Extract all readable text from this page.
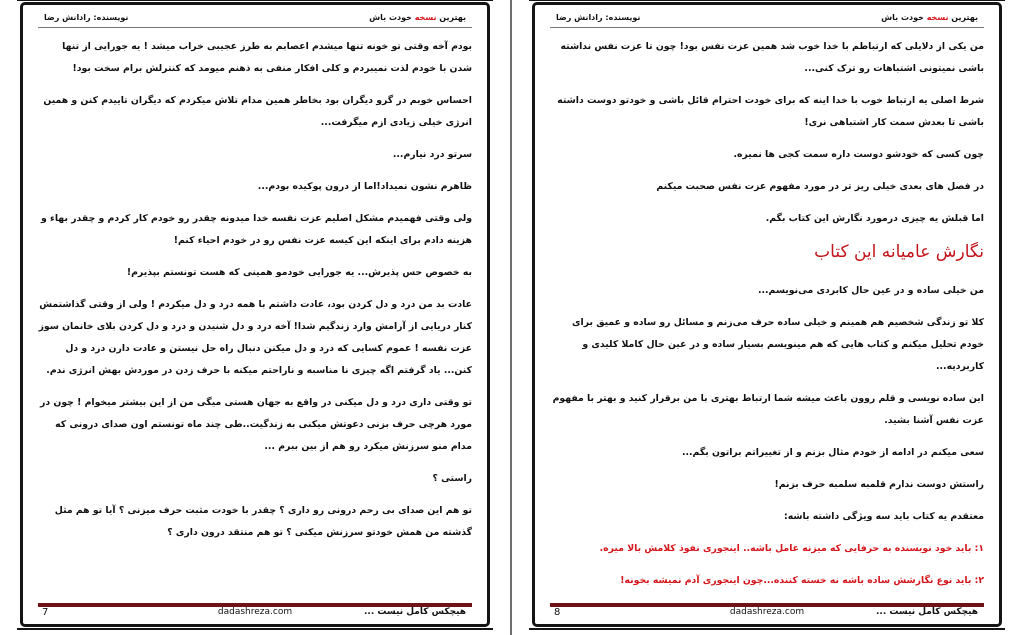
نویسنده: رادانش رضا	بهترین نسخه خودت باش

بودم آخه وقتی تو خونه تنها میشدم اعصابم به طرز عجیبی خراب میشد ! یه جورایی از تنها شدن با خودم لذت نمیبردم و کلی افکار منفی به ذهنم میومد که کنترلش برام سخت بود!

احساس خوبم در گرو دیگران بود بخاطر همین مدام تلاش میکردم که دیگران تاییدم کنن و همین انرژی خیلی زیادی ازم میگرفت...

سرتو درد نیارم...

ظاهرم نشون نمیداد!اما از درون پوکیده بودم...

ولی وقتی فهمیدم مشکل اصلیم عزت نفسه خدا میدونه چقدر رو خودم کار کردم و چقدر بهاء و هزینه دادم برای اینکه این کیسه عزت نفس رو در خودم احیاء کنم!

به خصوص حس پذیرش... یه جورایی خودمو همینی که هست تونستم بپذیرم!

عادت بد من درد و دل کردن بود، عادت داشتم با همه درد و دل میکردم ! ولی از وقتی گذاشتمش کنار دریایی از آرامش وارد زندگیم شدا! آخه درد و دل شنیدن و درد و دل کردن بلای خانمان سوز عزت نفسه ! عموم کسایی که درد و دل میکنن دنبال راه حل نیستن و عادت دارن درد و دل کنن... یاد گرفتم اگه چیزی نا مناسبه و ناراحتم میکنه با حرف زدن در موردش بهش انرژی ندم.

تو وقتی داری درد و دل میکنی در واقع به جهان هستی میگی من از این بیشتر میخوام ! چون در مورد هرچی حرف بزنی دعوتش میکنی به زندگیت..طی چند ماه تونستم اون صدای درونی که مدام منو سرزنش میکرد رو هم از بین ببرم ...

راستی ؟

تو هم این صدای بی رحم درونی رو داری ؟ چقدر با خودت مثبت حرف میزنی ؟ آیا تو هم مثل گذشته من همش خودتو سرزنش میکنی ؟ تو هم منتقد درون داری ؟

7	dadashreza.com	هیچکس کامل نیست ...
نویسنده: رادانش رضا	بهترین نسخه خودت باش

من یکی از دلایلی که ارتباطم با خدا خوب شد همین عزت نفس بود! چون تا عزت نفس نداشته باشی نمیتونی اشتباهات رو ترک کنی...

شرط اصلی یه ارتباط خوب با خدا اینه که برای خودت احترام قائل باشی و خودتو دوست داشته باشی تا بعدش سمت کار اشتباهی نری!

چون کسی که خودشو دوست داره سمت کجی ها نمیره.

در فصل های بعدی خیلی ریز تر در مورد مفهوم عزت نفس صحبت میکنم

اما قبلش یه چیزی درمورد نگارش این کتاب بگم.

نگارش عامیانه این کتاب

من خیلی ساده و در عین حال کابردی می‌نویسم...

کلا تو زندگی شخصیم هم همینم و خیلی ساده حرف می‌زنم و مسائل رو ساده و عمیق برای خودم تحلیل میکنم و کتاب هایی که هم مینویسم بسیار ساده و در عین حال کاملا کلیدی و کاربردیه...

این ساده نویسی و قلم روون باعث میشه شما ارتباط بهتری با من برقرار کنید و بهتر با مفهوم عزت نفس آشنا بشید.

سعی میکنم در ادامه از خودم مثال بزنم و از تغییراتم براتون بگم...

راستش دوست ندارم قلمبه سلمبه حرف بزنم!

معتقدم یه کتاب باید سه ویژگی داشته باشه:

۱: باید خود نویسنده به حرفایی که میزنه عامل باشه.. اینجوری نفوذ کلامش بالا میره.

۲: باید نوع نگارشش ساده باشه نه خسته کننده...چون اینجوری آدم نمیشه بخونه!

8	dadashreza.com	هیچکس کامل نیست ...
